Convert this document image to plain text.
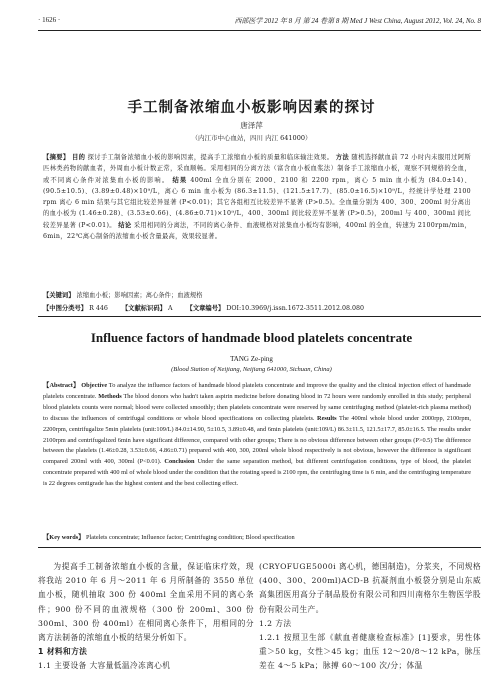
· 1626 ·	西部医学 2012 年 8 月 第 24 卷第 8 期 Med J West China, August 2012, Vol. 24, No. 8
手工制备浓缩血小板影响因素的探讨
唐泽萍
（内江市中心血站，四川 内江 641000）
【摘要】 目的 探讨手工制备浓缩血小板的影响因素，提高手工浓缩血小板的质量和临床输注效果。 方法 随机选择献血前 72 小时内未服用过阿斯匹林类药物的献血者，外周血小板计数正常，采血顺畅。采用相同的分离方法（富含血小板血浆法）制备手工浓缩血小板，观察不同规格的全血，或不同离心条件对浓集血小板的影响。 结果 400ml 全血分别在 2000、2100 和 2200 rpm，离心 5 min 血小板为 (84.0±14)、(90.5±10.5)、(3.89±0.48)×10⁹/L，离心 6 min 血小板为 (86.3±11.5)、(121.5±17.7)、(85.0±16.5)×10⁹/L，经统计学处理 2100 rpm 离心 6 min 结果与其它组比较差异显著 (P<0.01)；其它各组相互比较差异不显著 (P>0.5)。全血量分别为 400、300、200ml 时分离出的血小板为 (1.46±0.28)、(3.53±0.66)、(4.86±0.71)×10⁹/L，400、300ml 间比较差异不显著 (P>0.5)，200ml 与 400、300ml 间比较差异显著 (P<0.01)。 结论 采用相同的分离法，不同的离心条件、血液规格对浓集血小板均有影响，400ml 的全血，转速为 2100rpm/min，6min，22℃离心制备的浓缩血小板含量最高，效果较显著。
【关键词】 浓缩血小板；影响因素；离心条件；血液规格
【中图分类号】 R 446 【文献标识码】 A 【文章编号】 DOI:10.3969/j.issn.1672-3511.2012.08.080
Influence factors of handmade blood platelets concentrate
TANG Ze-ping
(Blood Station of Neijiang, Neijiang 641000, Sichuan, China)
【Abstract】 Objective To analyze the influence factors of handmade blood platelets concentrate and improve the quality and the clinical injection effect of handmade platelets concentrate. Methods The blood donors who hadn't taken aspirin medicine before donating blood in 72 hours were randomly enrolled in this study; peripheral blood platelets counts were normal; blood were collected smoothly; then platelets concentrate were reserved by same centrifuging method (platelet-rich plasma method) to discuss the influences of centrifugal conditions or whole blood specifications on collecting platelets. Results The 400ml whole blood under 2000rpp, 2100rpm, 2200rpm, centrifugalize 5min platelets (unit:109/L) 84.0±14.90, 5±10.5, 3.89±0.48, and 6min platelets (unit:109/L) 86.3±11.5, 121.5±17.7, 85.0±16.5. The results under 2100rpm and centrifugalized 6min have significant difference, compared with other groups; There is no obvious difference between other groups (P>0.5) The difference between the platelets (1.46±0.28, 3.53±0.66, 4.86±0.71) prepared with 400, 300, 200ml whole blood respectively is not obvious, however the difference is significant compared 200ml with 400, 300ml (P<0.01). Conclusion Under the same separation method, but different centrifugation conditions, type of blood, the platelet concentrate prepared with 400 ml of whole blood under the condition that the rotating speed is 2100 rpm, the centrifuging time is 6 min, and the centrifuging temperature is 22 degrees centigrade has the highest content and the best collecting effect.
【Key words】 Platelets concentrate; Influence factor; Centrifuging condition; Blood specification

为提高手工制备浓缩血小板的含量，保证临床疗效，现将我站 2010 年 6 月～2011 年 6 月所制备的 3550 单位血小板，随机抽取 300 份 400ml 全血采用不同的离心条件；900 份不同的血液规格（300 份 200ml、300 份 300ml、300 份 400ml）在相同离心条件下，用相同的分离方法制备的浓缩血小板的结果分析如下。

1 材料和方法
1.1 主要设备 大容量低温冷冻离心机
(CRYOFUGE5000i 离心机，德国制造)，分浆夹，不同规格(400、300、200ml)ACD-B 抗凝剂血小板袋分别是山东威高集团医用高分子制品股份有限公司和四川南格尔生物医学股份有限公司生产。
1.2 方法
1.2.1 按照卫生部《献血者健康检查标准》[1]要求，男性体重＞50 kg，女性＞45 kg；血压 12～20/8～12 kPa，脉压差在 4～5 kPa；脉搏 60～100 次/分；体温
